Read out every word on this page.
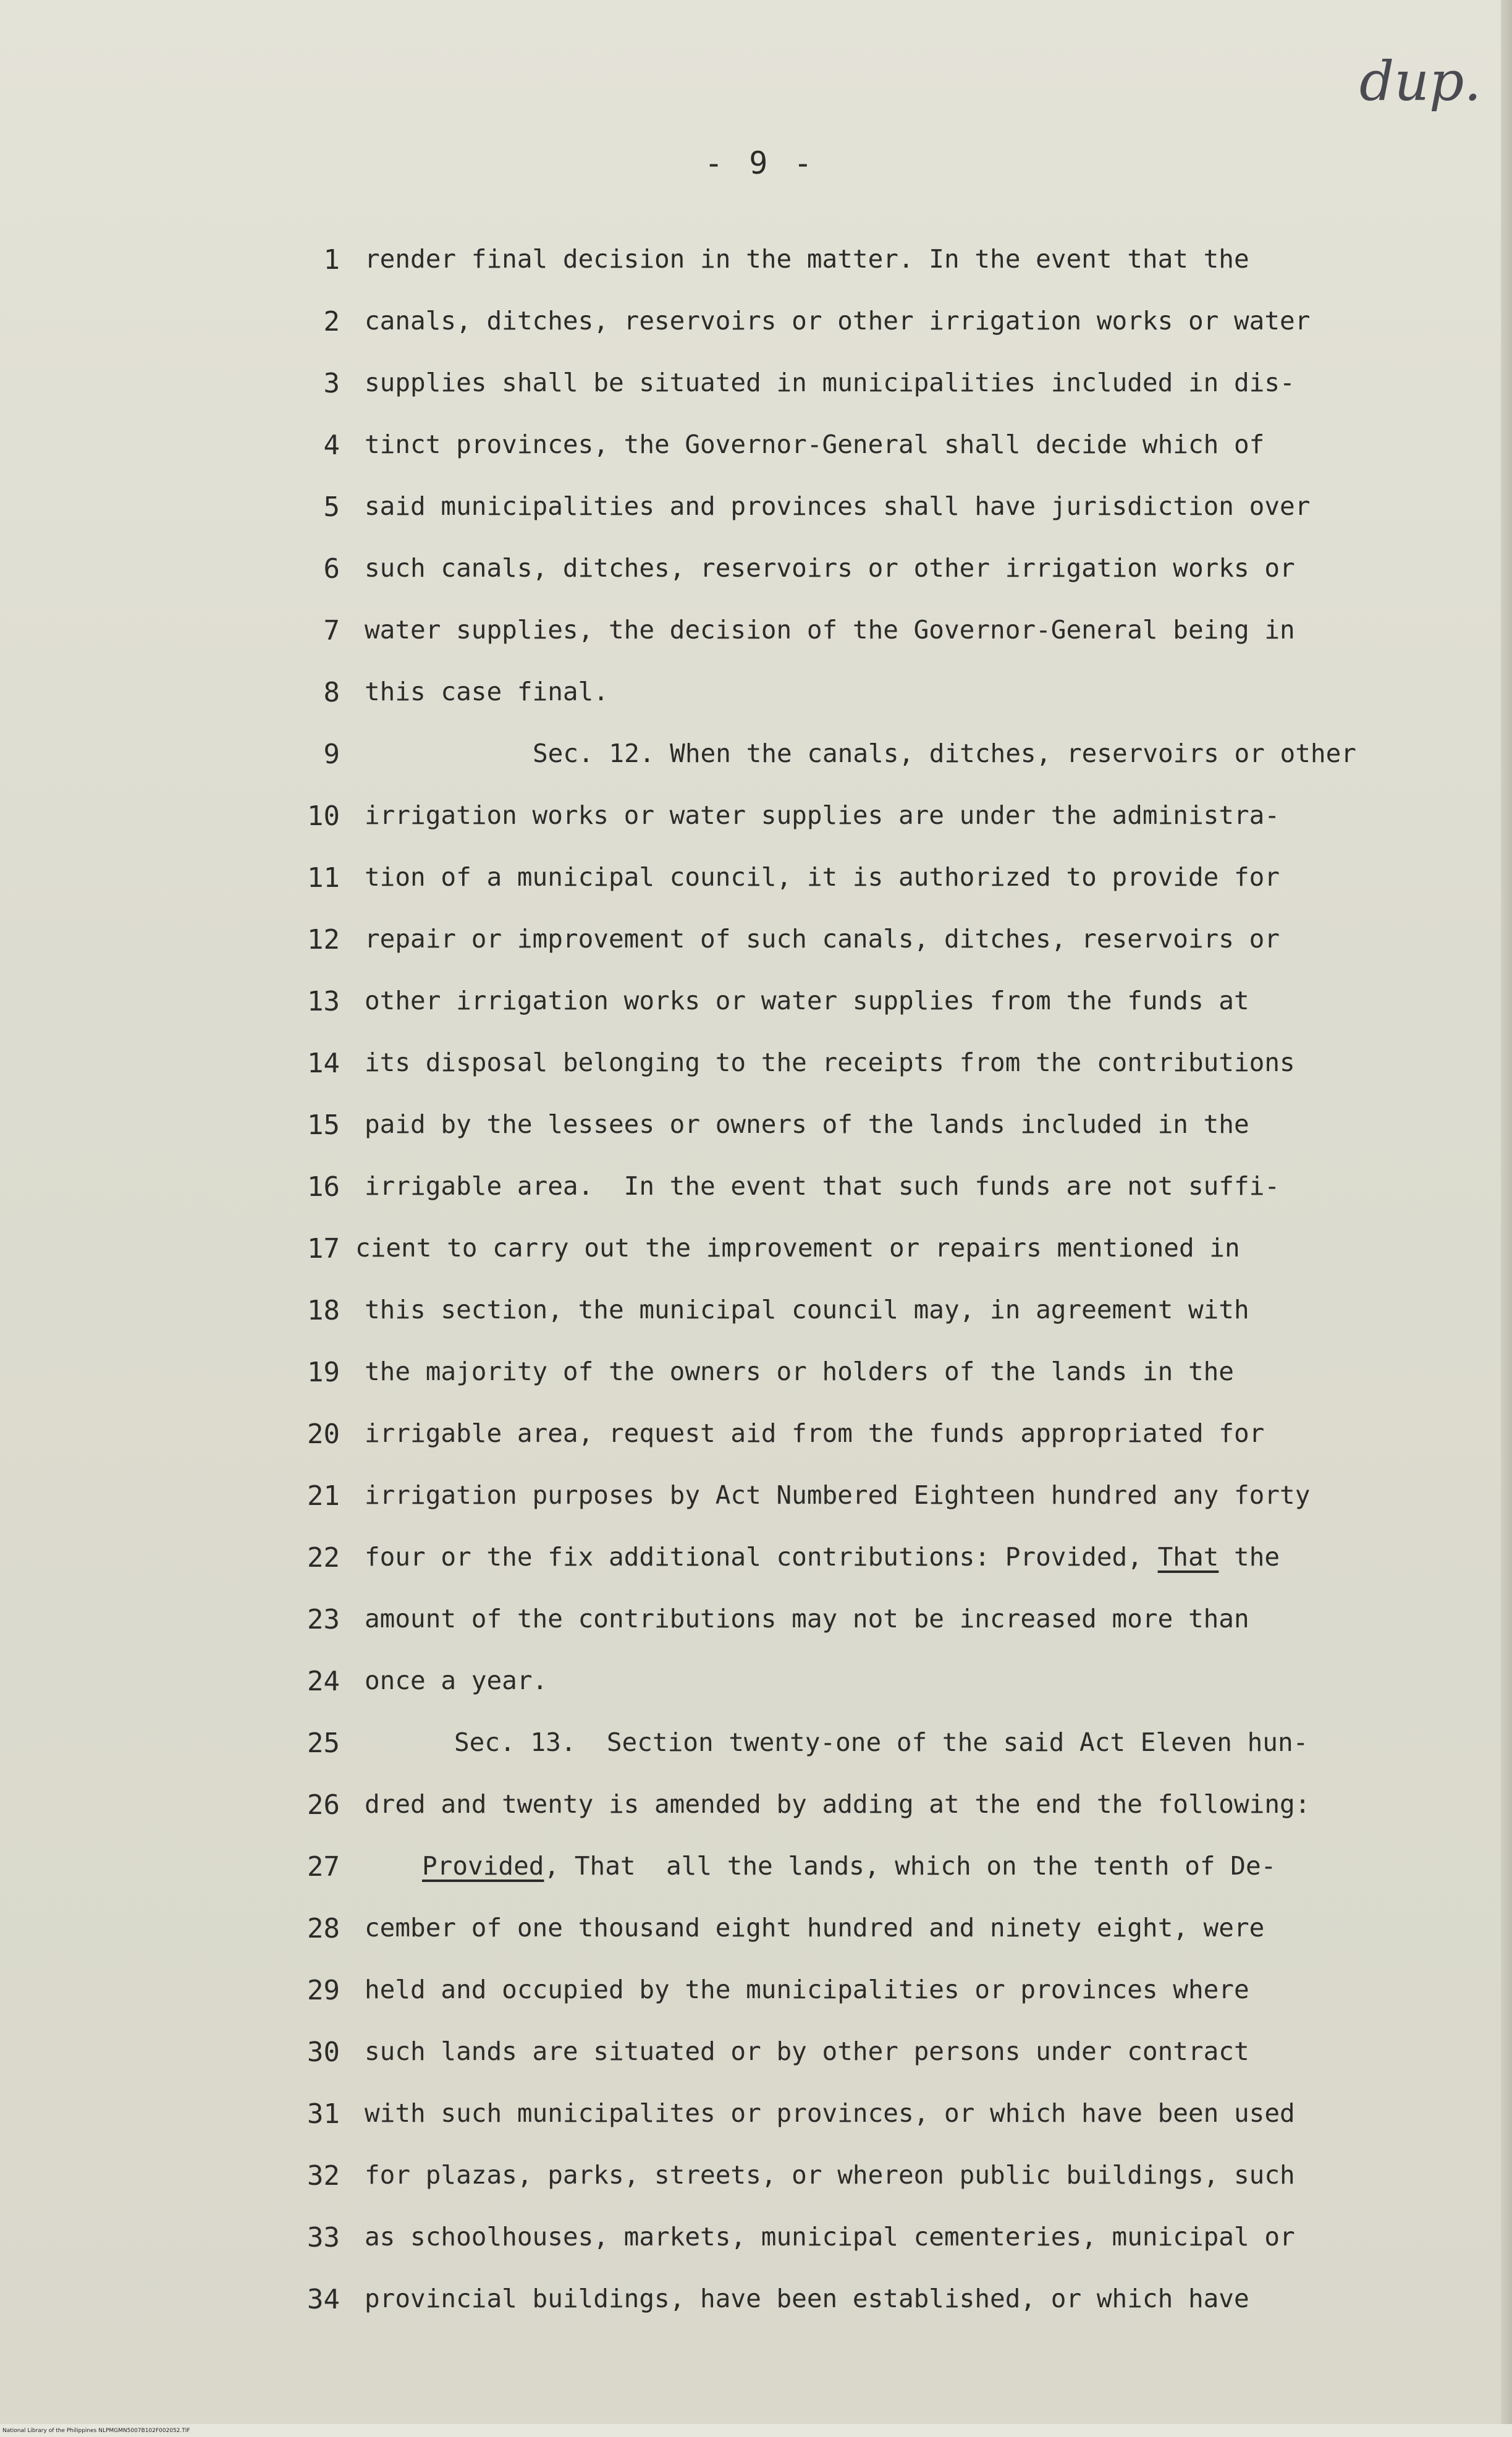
dup.
- 9 -
1 render final decision in the matter. In the event that the
2 canals, ditches, reservoirs or other irrigation works or water
3 supplies shall be situated in municipalities included in dis-
4 tinct provinces, the Governor-General shall decide which of
5 said municipalities and provinces shall have jurisdiction over
6 such canals, ditches, reservoirs or other irrigation works or
7 water supplies, the decision of the Governor-General being in
8 this case final.
9	Sec. 12. When the canals, ditches, reservoirs or other
10 irrigation works or water supplies are under the administra-
11 tion of a municipal council, it is authorized to provide for
12 repair or improvement of such canals, ditches, reservoirs or
13 other irrigation works or water supplies from the funds at
14 its disposal belonging to the receipts from the contributions
15 paid by the lessees or owners of the lands included in the
16 irrigable area.  In the event that such funds are not suffi-
17 cient to carry out the improvement or repairs mentioned in
18 this section, the municipal council may, in agreement with
19 the majority of the owners or holders of the lands in the
20 irrigable area, request aid from the funds appropriated for
21 irrigation purposes by Act Numbered Eighteen hundred any forty
22 four or the fix additional contributions: Provided, That the
23 amount of the contributions may not be increased more than
24 once a year.
25	Sec. 13.  Section twenty-one of the said Act Eleven hun-
26 dred and twenty is amended by adding at the end the following:
27	Provided, That  all the lands, which on the tenth of De-
28 cember of one thousand eight hundred and ninety eight, were
29 held and occupied by the municipalities or provinces where
30 such lands are situated or by other persons under contract
31 with such municipalites or provinces, or which have been used
32 for plazas, parks, streets, or whereon public buildings, such
33 as schoolhouses, markets, municipal cementeries, municipal or
34 provincial buildings, have been established, or which have
National Library of the Philippines NLPMGMN5007B102F002052.TIF
